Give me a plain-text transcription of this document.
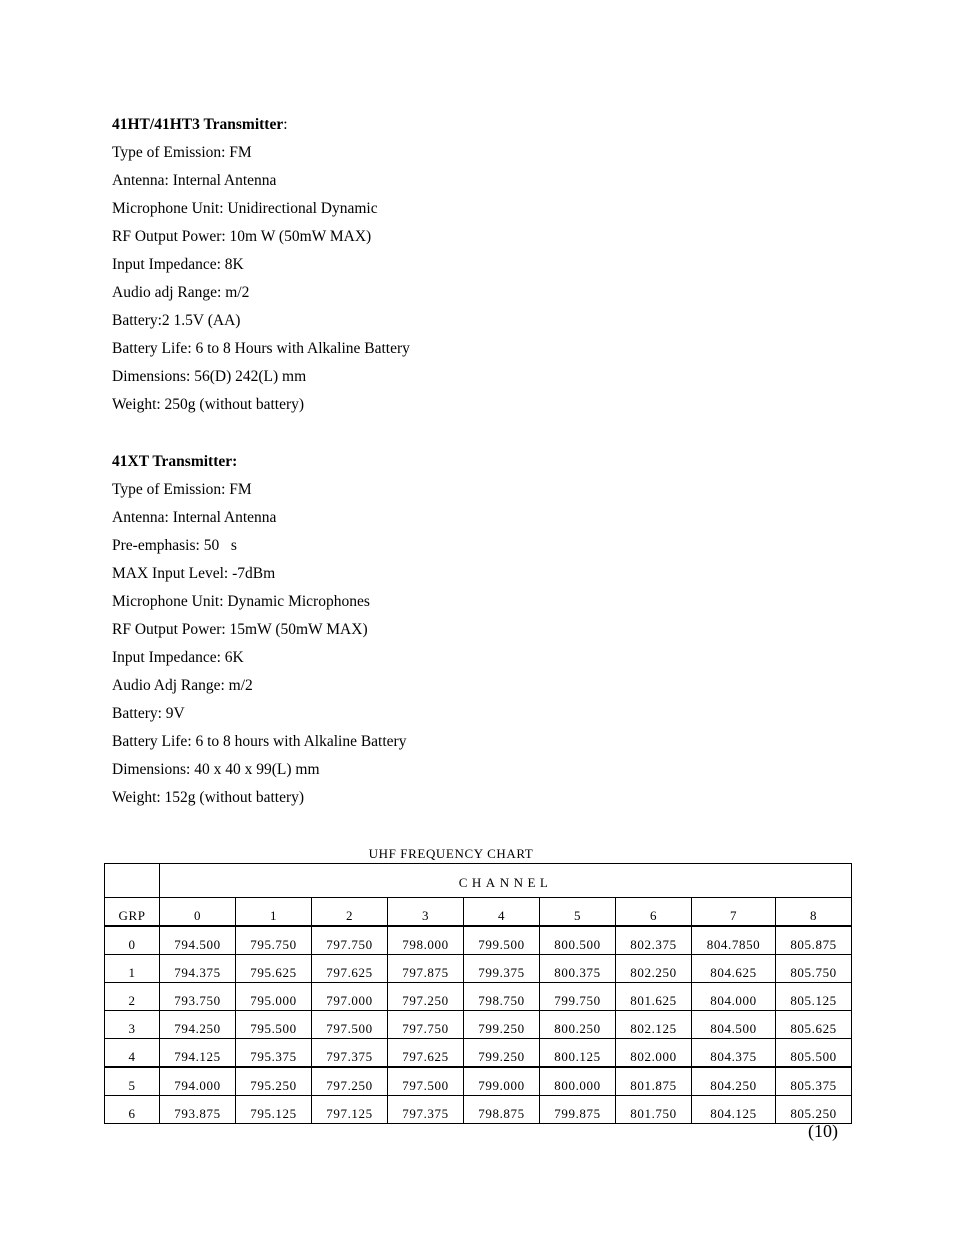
41HT/41HT3 Transmitter:
Type of Emission: FM
Antenna: Internal Antenna
Microphone Unit: Unidirectional Dynamic
RF Output Power: 10m W (50mW MAX)
Input Impedance: 8K
Audio adj Range: m/2
Battery:2 1.5V (AA)
Battery Life: 6 to 8 Hours with Alkaline Battery
Dimensions: 56(D) 242(L) mm
Weight: 250g (without battery)
41XT Transmitter:
Type of Emission: FM
Antenna: Internal Antenna
Pre-emphasis: 50   s
MAX Input Level: -7dBm
Microphone Unit: Dynamic Microphones
RF Output Power: 15mW (50mW MAX)
Input Impedance: 6K
Audio Adj Range: m/2
Battery: 9V
Battery Life: 6 to 8 hours with Alkaline Battery
Dimensions: 40 x 40 x 99(L) mm
Weight: 152g (without battery)
UHF FREQUENCY CHART
	CHANNEL								
GRP	0	1	2	3	4	5	6	7	8
0	794.500	795.750	797.750	798.000	799.500	800.500	802.375	804.7850	805.875
1	794.375	795.625	797.625	797.875	799.375	800.375	802.250	804.625	805.750
2	793.750	795.000	797.000	797.250	798.750	799.750	801.625	804.000	805.125
3	794.250	795.500	797.500	797.750	799.250	800.250	802.125	804.500	805.625
4	794.125	795.375	797.375	797.625	799.250	800.125	802.000	804.375	805.500
5	794.000	795.250	797.250	797.500	799.000	800.000	801.875	804.250	805.375
6	793.875	795.125	797.125	797.375	798.875	799.875	801.750	804.125	805.250
(10)
